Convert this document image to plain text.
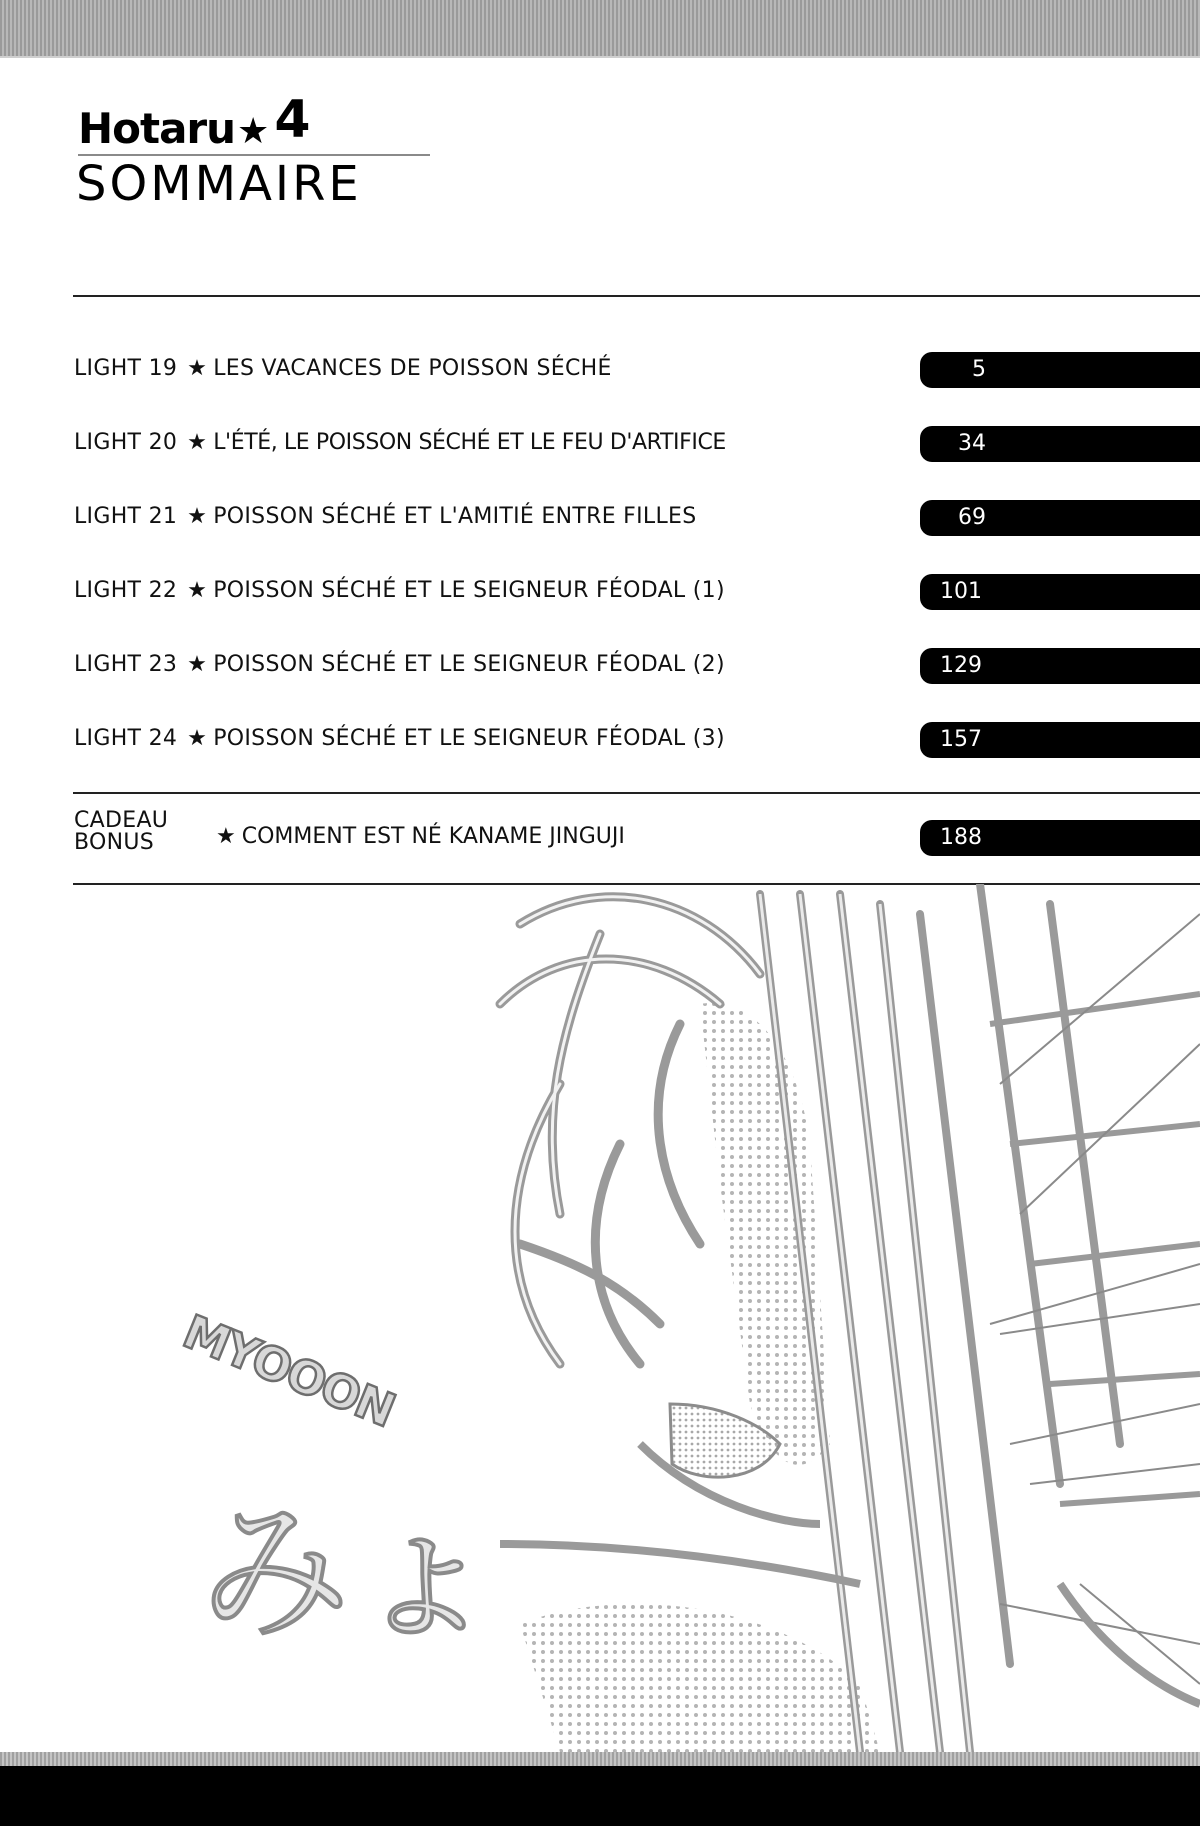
Hotaru★ 4
SOMMAIRE
LIGHT 19 ★ LES VACANCES DE POISSON SÉCHÉ	5
LIGHT 20 ★ L'ÉTÉ, LE POISSON SÉCHÉ ET LE FEU D'ARTIFICE	34
LIGHT 21 ★ POISSON SÉCHÉ ET L'AMITIÉ ENTRE FILLES	69
LIGHT 22 ★ POISSON SÉCHÉ ET LE SEIGNEUR FÉODAL (1)	101
LIGHT 23 ★ POISSON SÉCHÉ ET LE SEIGNEUR FÉODAL (2)	129
LIGHT 24 ★ POISSON SÉCHÉ ET LE SEIGNEUR FÉODAL (3)	157
CADEAU
BONUS	★ COMMENT EST NÉ KANAME JINGUJI	188
MYOOON
みょ
